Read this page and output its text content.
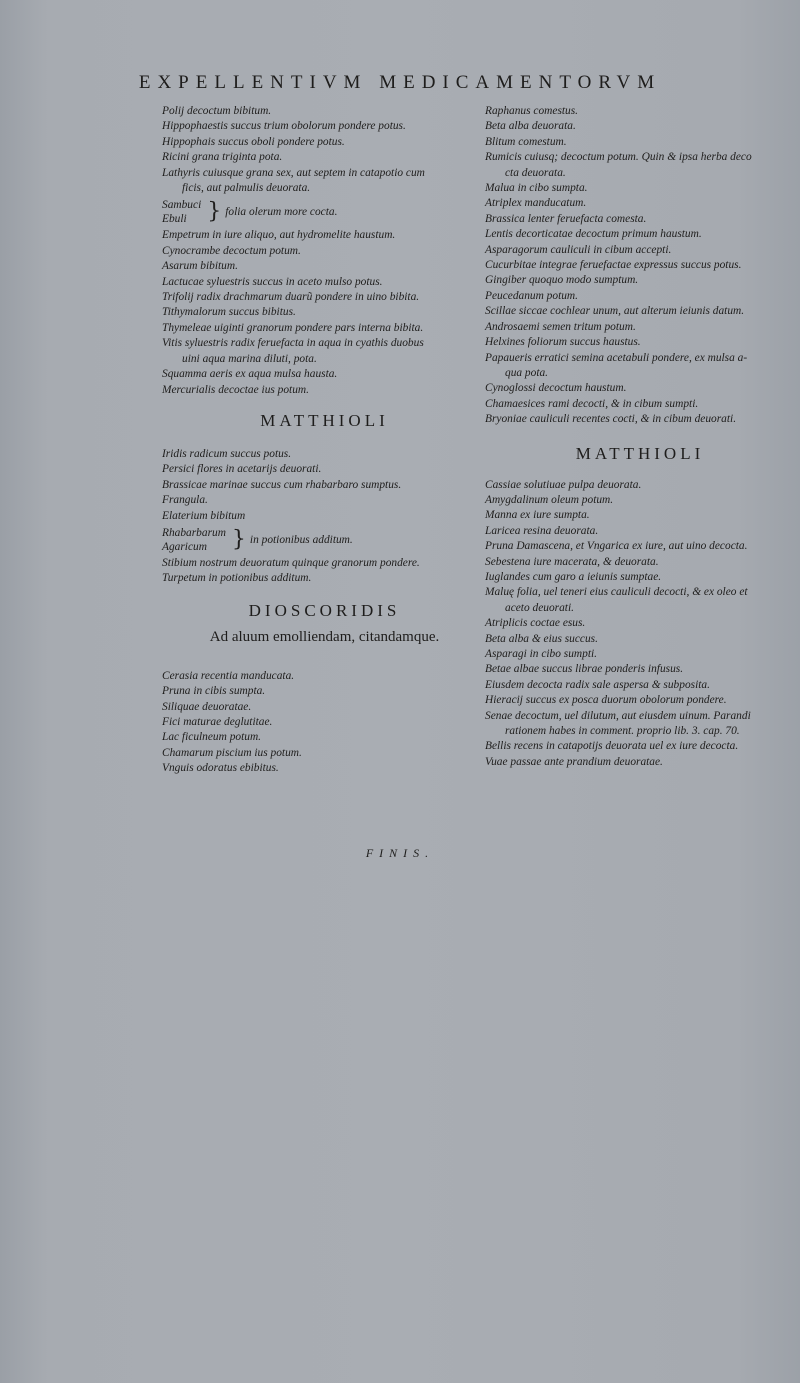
EXPELLENTIVM MEDICAMENTORVM
Polij decoctum bibitum.
Hippophaestis succus trium obolorum pondere potus.
Hippophais succus oboli pondere potus.
Ricini grana triginta pota.
Lathyris cuiusque grana sex, aut septem in catapotio cum
ficis, aut palmulis deuorata.
Sambuci
Ebuli } folia olerum more cocta.
Empetrum in iure aliquo, aut hydromelite haustum.
Cynocrambe decoctum potum.
Asarum bibitum.
Lactucae syluestris succus in aceto mulso potus.
Trifolij radix drachmarum duarũ pondere in uino bibita.
Tithymalorum succus bibitus.
Thymeleae uiginti granorum pondere pars interna bibita.
Vitis syluestris radix feruefacta in aqua in cyathis duobus
uini aqua marina diluti, pota.
Squamma aeris ex aqua mulsa hausta.
Mercurialis decoctae ius potum.
MATTHIOLI
Iridis radicum succus potus.
Persici flores in acetarijs deuorati.
Brassicae marinae succus cum rhabarbaro sumptus.
Frangula.
Elaterium bibitum
Rhabarbarum
Agaricum	} in potionibus additum.
Stibium nostrum deuoratum quinque granorum pondere.
Turpetum in potionibus additum.
DIOSCORIDIS
Ad aluum emolliendam, citandamque.
Cerasia recentia manducata.
Pruna in cibis sumpta.
Siliquae deuoratae.
Fici maturae deglutitae.
Lac ficulneum potum.
Chamarum piscium ius potum.
Vnguis odoratus ebibitus.
Raphanus comestus.
Beta alba deuorata.
Blitum comestum.
Rumicis cuiusq; decoctum potum. Quin & ipsa herba deco
cta deuorata.
Malua in cibo sumpta.
Atriplex manducatum.
Brassica lenter feruefacta comesta.
Lentis decorticatae decoctum primum haustum.
Asparagorum cauliculi in cibum accepti.
Cucurbitae integrae feruefactae expressus succus potus.
Gingiber quoquo modo sumptum.
Peucedanum potum.
Scillae siccae cochlear unum, aut alterum ieiunis datum.
Androsaemi semen tritum potum.
Helxines foliorum succus haustus.
Papaueris erratici semina acetabuli pondere, ex mulsa a-
qua pota.
Cynoglossi decoctum haustum.
Chamaesices rami decocti, & in cibum sumpti.
Bryoniae cauliculi recentes cocti, & in cibum deuorati.
MATTHIOLI
Cassiae solutiuae pulpa deuorata.
Amygdalinum oleum potum.
Manna ex iure sumpta.
Laricea resina deuorata.
Pruna Damascena, et Vngarica ex iure, aut uino decocta.
Sebestena iure macerata, & deuorata.
Iuglandes cum garo a ieiunis sumptae.
Maluę folia, uel teneri eius cauliculi decocti, & ex oleo et
aceto deuorati.
Atriplicis coctae esus.
Beta alba & eius succus.
Asparagi in cibo sumpti.
Betae albae succus librae ponderis infusus.
Eiusdem decocta radix sale aspersa & subposita.
Hieracij succus ex posca duorum obolorum pondere.
Senae decoctum, uel dilutum, aut eiusdem uinum. Parandi
rationem habes in comment. proprio lib. 3. cap. 70.
Bellis recens in catapotijs deuorata uel ex iure decocta.
Vuae passae ante prandium deuoratae.
FINIS.
